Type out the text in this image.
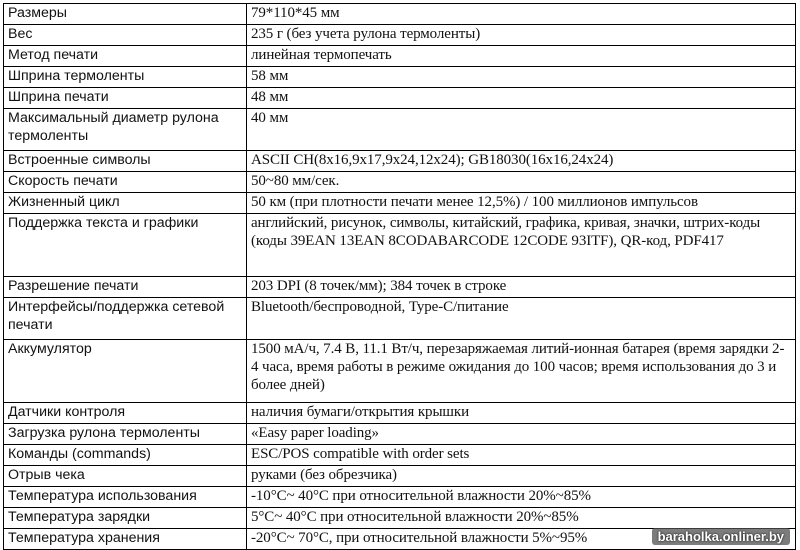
Размеры	79*110*45 мм
Вес	235 г (без учета рулона термоленты)
Метод печати	линейная термопечать
Шприна термоленты	58 мм
Шприна печати	48 мм
Максимальный диаметр рулона термоленты	40 мм
Встроенные символы	ASCII CH(8x16,9x17,9x24,12x24); GB18030(16x16,24x24)
Скорость печати	50~80 мм/сек.
Жизненный цикл	50 км (при плотности печати менее 12,5%) / 100 миллионов импульсов
Поддержка текста и графики	английский, рисунок, символы, китайский, графика, кривая, значки, штрих-коды (коды 39EAN 13EAN 8CODABARCODE 12CODE 93ITF), QR-код, PDF417
Разрешение печати	203 DPI (8 точек/мм); 384 точек в строке
Интерфейсы/поддержка сетевой печати	Bluetooth/беспроводной, Type-C/питание
Аккумулятор	1500 мА/ч, 7.4 В, 11.1 Вт/ч, перезаряжаемая литий-ионная батарея (время зарядки 2-4 часа, время работы в режиме ожидания до 100 часов; время использования до 3 и более дней)
Датчики контроля	наличия бумаги/открытия крышки
Загрузка рулона термоленты	«Easy paper loading»
Команды (commands)	ESC/POS compatible with order sets
Отрыв чека	руками (без обрезчика)
Температура использования	-10°C~ 40°C при относительной влажности 20%~85%
Температура зарядки	5°C~ 40°C при относительной влажности 20%~85%
Температура хранения	-20°C~ 70°C, при относительной влажности 5%~95%	baraholka.onliner.by
